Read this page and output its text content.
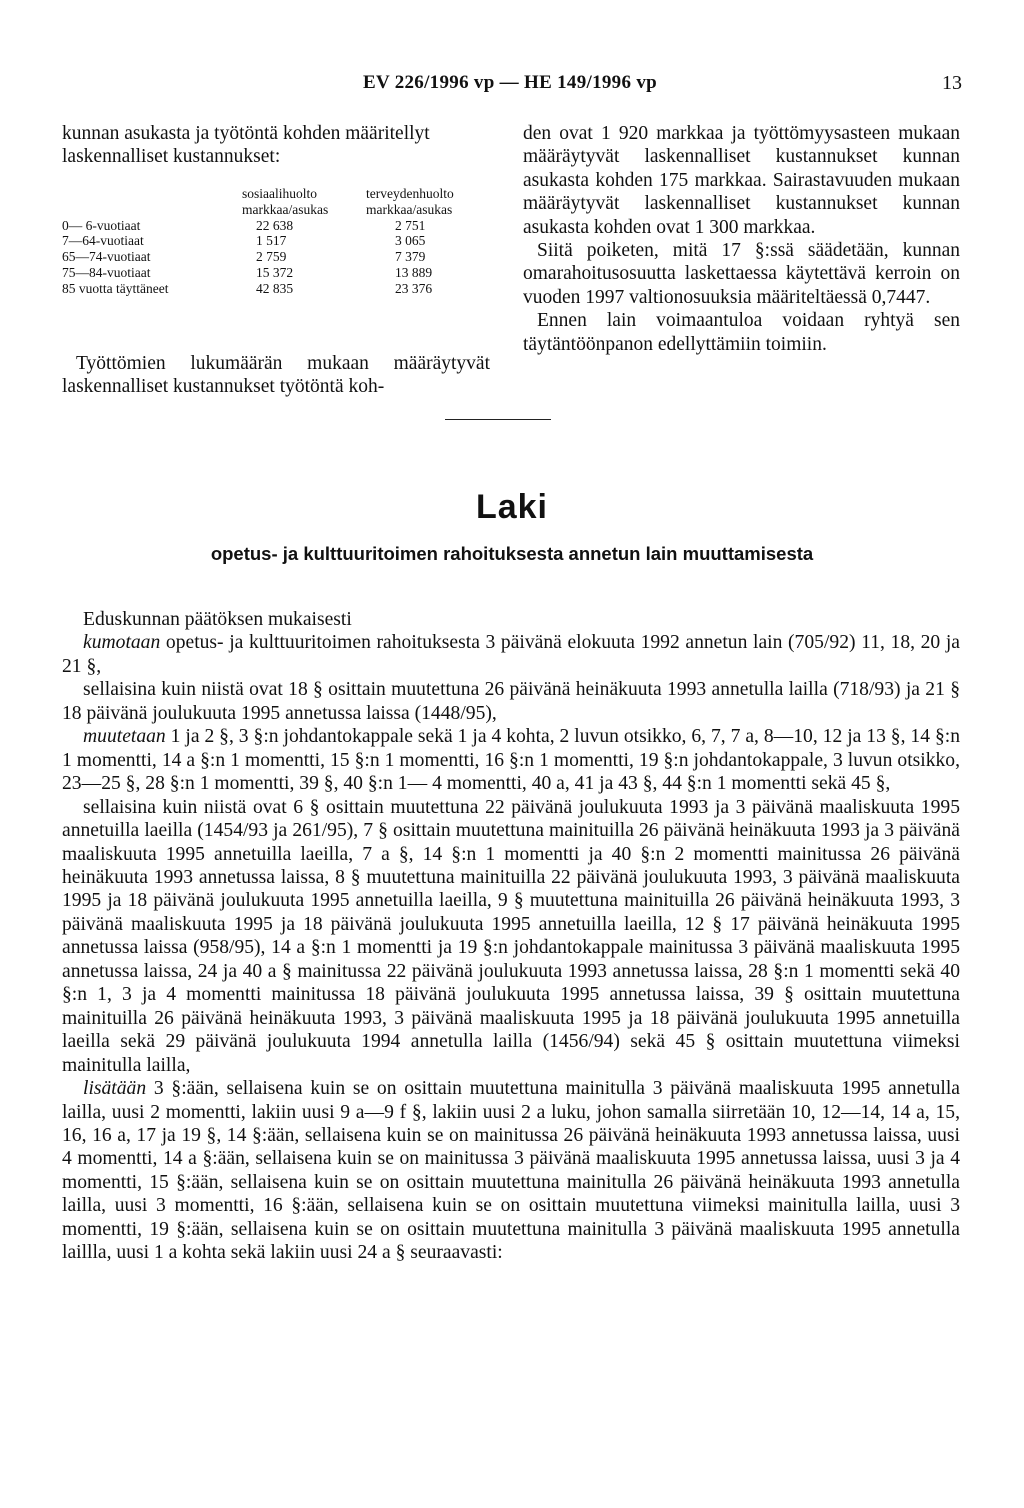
EV 226/1996 vp — HE 149/1996 vp	13

kunnan asukasta ja työtöntä kohden määritellyt laskennalliset kustannukset:

sosiaalihuolto	terveydenhuolto
markkaa/asukas	markkaa/asukas
0— 6-vuotiaat	22 638	2 751
7—64-vuotiaat	1 517	3 065
65—74-vuotiaat	2 759	7 379
75—84-vuotiaat	15 372	13 889
85 vuotta täyttäneet	42 835	23 376

Työttömien lukumäärän mukaan määräytyvät laskennalliset kustannukset työtöntä koh-

den ovat 1 920 markkaa ja työttömyysasteen mukaan määräytyvät laskennalliset kustannukset kunnan asukasta kohden 175 markkaa. Sairastavuuden mukaan määräytyvät laskennalliset kustannukset kunnan asukasta kohden ovat 1 300 markkaa.

Siitä poiketen, mitä 17 §:ssä säädetään, kunnan omarahoitusosuutta laskettaessa käytettävä kerroin on vuoden 1997 valtionosuuksia määriteltäessä 0,7447.

Ennen lain voimaantuloa voidaan ryhtyä sen täytäntöönpanon edellyttämiin toimiin.

Laki
opetus- ja kulttuuritoimen rahoituksesta annetun lain muuttamisesta

Eduskunnan päätöksen mukaisesti

kumotaan opetus- ja kulttuuritoimen rahoituksesta 3 päivänä elokuuta 1992 annetun lain (705/92) 11, 18, 20 ja 21 §,

sellaisina kuin niistä ovat 18 § osittain muutettuna 26 päivänä heinäkuuta 1993 annetulla lailla (718/93) ja 21 § 18 päivänä joulukuuta 1995 annetussa laissa (1448/95),

muutetaan 1 ja 2 §, 3 §:n johdantokappale sekä 1 ja 4 kohta, 2 luvun otsikko, 6, 7, 7 a, 8—10, 12 ja 13 §, 14 §:n 1 momentti, 14 a §:n 1 momentti, 15 §:n 1 momentti, 16 §:n 1 momentti, 19 §:n johdantokappale, 3 luvun otsikko, 23—25 §, 28 §:n 1 momentti, 39 §, 40 §:n 1— 4 momentti, 40 a, 41 ja 43 §, 44 §:n 1 momentti sekä 45 §,

sellaisina kuin niistä ovat 6 § osittain muutettuna 22 päivänä joulukuuta 1993 ja 3 päivänä maaliskuuta 1995 annetuilla laeilla (1454/93 ja 261/95), 7 § osittain muutettuna mainituilla 26 päivänä heinäkuuta 1993 ja 3 päivänä maaliskuuta 1995 annetuilla laeilla, 7 a §, 14 §:n 1 momentti ja 40 §:n 2 momentti mainitussa 26 päivänä heinäkuuta 1993 annetussa laissa, 8 § muutettuna mainituilla 22 päivänä joulukuuta 1993, 3 päivänä maaliskuuta 1995 ja 18 päivänä joulukuuta 1995 annetuilla laeilla, 9 § muutettuna mainituilla 26 päivänä heinäkuuta 1993, 3 päivänä maaliskuuta 1995 ja 18 päivänä joulukuuta 1995 annetuilla laeilla, 12 § 17 päivänä heinäkuuta 1995 annetussa laissa (958/95), 14 a §:n 1 momentti ja 19 §:n johdantokappale mainitussa 3 päivänä maaliskuuta 1995 annetussa laissa, 24 ja 40 a § mainitussa 22 päivänä joulukuuta 1993 annetussa laissa, 28 §:n 1 momentti sekä 40 §:n 1, 3 ja 4 momentti mainitussa 18 päivänä joulukuuta 1995 annetussa laissa, 39 § osittain muutettuna mainituilla 26 päivänä heinäkuuta 1993, 3 päivänä maaliskuuta 1995 ja 18 päivänä joulukuuta 1995 annetuilla laeilla sekä 29 päivänä joulukuuta 1994 annetulla lailla (1456/94) sekä 45 § osittain muutettuna viimeksi mainitulla lailla,

lisätään 3 §:ään, sellaisena kuin se on osittain muutettuna mainitulla 3 päivänä maaliskuuta 1995 annetulla lailla, uusi 2 momentti, lakiin uusi 9 a—9 f §, lakiin uusi 2 a luku, johon samalla siirretään 10, 12—14, 14 a, 15, 16, 16 a, 17 ja 19 §, 14 §:ään, sellaisena kuin se on mainitussa 26 päivänä heinäkuuta 1993 annetussa laissa, uusi 4 momentti, 14 a §:ään, sellaisena kuin se on mainitussa 3 päivänä maaliskuuta 1995 annetussa laissa, uusi 3 ja 4 momentti, 15 §:ään, sellaisena kuin se on osittain muutettuna mainitulla 26 päivänä heinäkuuta 1993 annetulla lailla, uusi 3 momentti, 16 §:ään, sellaisena kuin se on osittain muutettuna viimeksi mainitulla lailla, uusi 3 momentti, 19 §:ään, sellaisena kuin se on osittain muutettuna mainitulla 3 päivänä maaliskuuta 1995 annetulla laillla, uusi 1 a kohta sekä lakiin uusi 24 a § seuraavasti:
